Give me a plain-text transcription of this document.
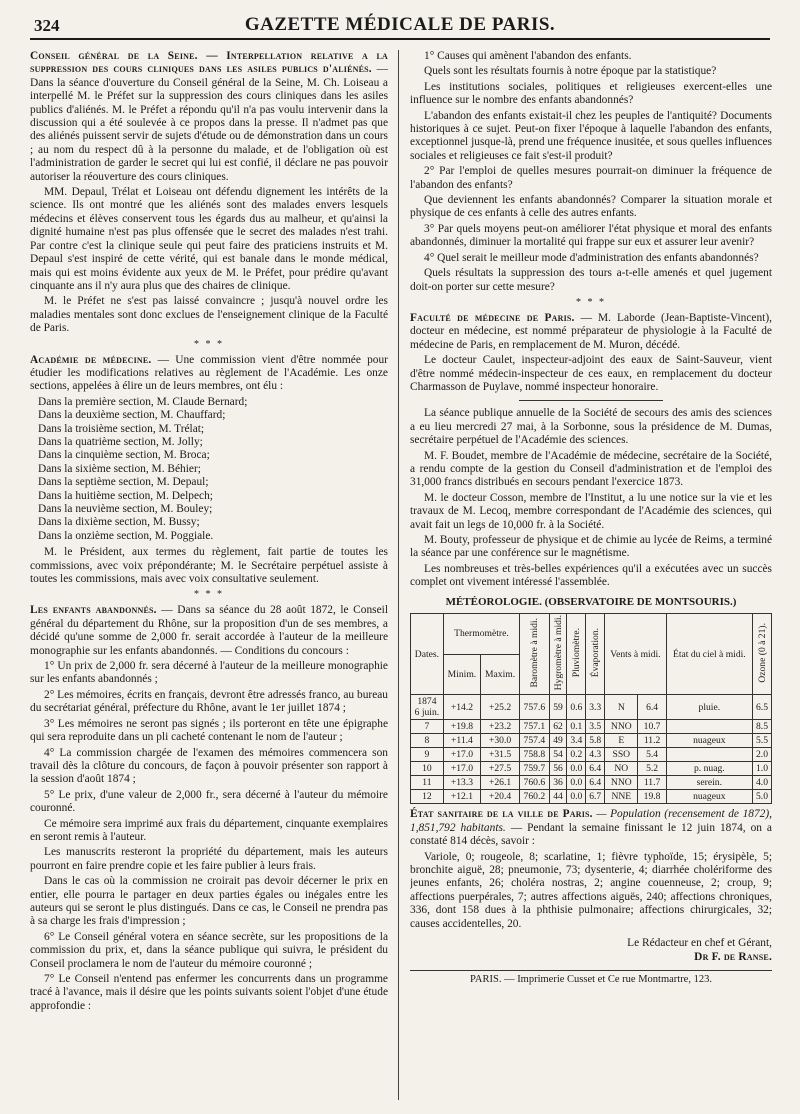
324	GAZETTE MÉDICALE DE PARIS.

Conseil général de la Seine. — Interpellation relative a la suppression des cours cliniques dans les asiles publics d'aliénés. — Dans la séance d'ouverture du Conseil général de la Seine, M. Ch. Loiseau a interpellé M. le Préfet sur la suppression des cours cliniques dans les asiles publics d'aliénés. M. le Préfet a répondu qu'il n'a pas voulu intervenir dans la discussion qui a été soulevée à ce propos dans la presse. Il n'admet pas que des aliénés puissent servir de sujets d'étude ou de démonstration dans un cours ; au nom du respect dû à la personne du malade, et de l'obligation où est l'administration de garder le secret qui lui est confié, il déclare ne pas pouvoir autoriser la réouverture des cours cliniques.

MM. Depaul, Trélat et Loiseau ont défendu dignement les intérêts de la science. Ils ont montré que les aliénés sont des malades envers lesquels médecins et élèves conservent tous les égards dus au malheur, et qu'ainsi la dignité humaine n'est pas plus offensée que le secret des malades n'est trahi. Par contre c'est la clinique seule qui peut faire des praticiens instruits et M. Depaul s'est inspiré de cette vérité, qui est banale dans le monde médical, mais qui est moins évidente aux yeux de M. le Préfet, pour prédire qu'avant cinquante ans il n'y aura plus que des chaires de clinique.

M. le Préfet ne s'est pas laissé convaincre ; jusqu'à nouvel ordre les maladies mentales sont donc exclues de l'enseignement clinique de la Faculté de Paris.

* * *

Académie de médecine. — Une commission vient d'être nommée pour étudier les modifications relatives au règlement de l'Académie. Les onze sections, appelées à élire un de leurs membres, ont élu :

Dans la première section, M. Claude Bernard;

Dans la deuxième section, M. Chauffard;

Dans la troisième section, M. Trélat;

Dans la quatrième section, M. Jolly;

Dans la cinquième section, M. Broca;

Dans la sixième section, M. Béhier;

Dans la septième section, M. Depaul;

Dans la huitième section, M. Delpech;

Dans la neuvième section, M. Bouley;

Dans la dixième section, M. Bussy;

Dans la onzième section, M. Poggiale.

M. le Président, aux termes du règlement, fait partie de toutes les commissions, avec voix prépondérante; M. le Secrétaire perpétuel assiste à toutes les commissions, mais avec voix consultative seulement.

* * *

Les enfants abandonnés. — Dans sa séance du 28 août 1872, le Conseil général du département du Rhône, sur la proposition d'un de ses membres, a décidé qu'une somme de 2,000 fr. serait accordée à l'auteur de la meilleure monographie sur les enfants abandonnés. — Conditions du concours :

1° Un prix de 2,000 fr. sera décerné à l'auteur de la meilleure monographie sur les enfants abandonnés ;

2° Les mémoires, écrits en français, devront être adressés franco, au bureau du secrétariat général, préfecture du Rhône, avant le 1er juillet 1874 ;

3° Les mémoires ne seront pas signés ; ils porteront en tête une épigraphe qui sera reproduite dans un pli cacheté contenant le nom de l'auteur ;

4° La commission chargée de l'examen des mémoires commencera son travail dès la clôture du concours, de façon à pouvoir présenter son rapport à la session d'août 1874 ;

5° Le prix, d'une valeur de 2,000 fr., sera décerné à l'auteur du mémoire couronné.

Ce mémoire sera imprimé aux frais du département, cinquante exemplaires en seront remis à l'auteur.

Les manuscrits resteront la propriété du département, mais les auteurs pourront en faire prendre copie et les faire publier à leurs frais.

Dans le cas où la commission ne croirait pas devoir décerner le prix en entier, elle pourra le partager en deux parties égales ou inégales entre les auteurs qui se seront le plus distingués. Dans ce cas, le Conseil ne prendra pas à sa charge les frais d'impression ;

6° Le Conseil général votera en séance secrète, sur les propositions de la commission du prix, et, dans la séance publique qui suivra, le président du Conseil proclamera le nom de l'auteur du mémoire couronné ;

7° Le Conseil n'entend pas enfermer les concurrents dans un programme tracé à l'avance, mais il désire que les points suivants soient l'objet d'une étude approfondie :

1° Causes qui amènent l'abandon des enfants.

Quels sont les résultats fournis à notre époque par la statistique?

Les institutions sociales, politiques et religieuses exercent-elles une influence sur le nombre des enfants abandonnés?

L'abandon des enfants existait-il chez les peuples de l'antiquité? Documents historiques à ce sujet. Peut-on fixer l'époque à laquelle l'abandon des enfants, exceptionnel jusque-là, prend une fréquence inusitée, et sous quelles influences sociales et religieuses ce fait s'est-il produit?

2° Par l'emploi de quelles mesures pourrait-on diminuer la fréquence de l'abandon des enfants?

Que deviennent les enfants abandonnés? Comparer la situation morale et physique de ces enfants à celle des autres enfants.

3° Par quels moyens peut-on améliorer l'état physique et moral des enfants abandonnés, diminuer la mortalité qui frappe sur eux et assurer leur avenir?

4° Quel serait le meilleur mode d'administration des enfants abandonnés?

Quels résultats la suppression des tours a-t-elle amenés et quel jugement doit-on porter sur cette mesure?

* * *

Faculté de médecine de Paris. — M. Laborde (Jean-Baptiste-Vincent), docteur en médecine, est nommé préparateur de physiologie à la Faculté de médecine de Paris, en remplacement de M. Muron, décédé.

Le docteur Caulet, inspecteur-adjoint des eaux de Saint-Sauveur, vient d'être nommé médecin-inspecteur de ces eaux, en remplacement du docteur Charmasson de Puylave, nommé inspecteur honoraire.

La séance publique annuelle de la Société de secours des amis des sciences a eu lieu mercredi 27 mai, à la Sorbonne, sous la présidence de M. Dumas, secrétaire perpétuel de l'Académie des sciences.

M. F. Boudet, membre de l'Académie de médecine, secrétaire de la Société, a rendu compte de la gestion du Conseil d'administration et de l'emploi des 31,000 francs distribués en secours pendant l'exercice 1873.

M. le docteur Cosson, membre de l'Institut, a lu une notice sur la vie et les travaux de M. Lecoq, membre correspondant de l'Académie des sciences, qui avait fait un legs de 10,000 fr. à la Société.

M. Bouty, professeur de physique et de chimie au lycée de Reims, a terminé la séance par une conférence sur le magnétisme.

Les nombreuses et très-belles expériences qu'il a exécutées avec un succès complet ont vivement intéressé l'assemblée.

MÉTÉOROLOGIE. (OBSERVATOIRE DE MONTSOURIS.)
Dates.	Thermomètre.		Baromètre à midi.	Hygromètre à midi.	Pluviomètre.	Évaporation.	Vents à midi.		État du ciel à midi.	Ozone (0 à 21).
	Minim.	Maxim.								
1874
6 juin.	+14.2	+25.2	757.6	59	0.6	3.3	N	6.4	pluie.	6.5
7	+19.8	+23.2	757.1	62	0.1	3.5	NNO	10.7		8.5
8	+11.4	+30.0	757.4	49	3.4	5.8	E	11.2	nuageux	5.5
9	+17.0	+31.5	758.8	54	0.2	4.3	SSO	5.4		2.0
10	+17.0	+27.5	759.7	56	0.0	6.4	NO	5.2	p. nuag.	1.0
11	+13.3	+26.1	760.6	36	0.0	6.4	NNO	11.7	serein.	4.0
12	+12.1	+20.4	760.2	44	0.0	6.7	NNE	19.8	nuageux	5.0

État sanitaire de la ville de Paris. — Population (recensement de 1872), 1,851,792 habitants. — Pendant la semaine finissant le 12 juin 1874, on a constaté 814 décès, savoir :

Variole, 0; rougeole, 8; scarlatine, 1; fièvre typhoïde, 15; érysipèle, 5; bronchite aiguë, 28; pneumonie, 73; dysenterie, 4; diarrhée cholériforme des jeunes enfants, 26; choléra nostras, 2; angine couenneuse, 2; croup, 9; affections puerpérales, 7; autres affections aiguës, 240; affections chroniques, 336, dont 158 dues à la phthisie pulmonaire; affections chirurgicales, 32; causes accidentelles, 20.

Le Rédacteur en chef et Gérant,
Dr F. de Ranse.
PARIS. — Imprimerie Cusset et Ce rue Montmartre, 123.
